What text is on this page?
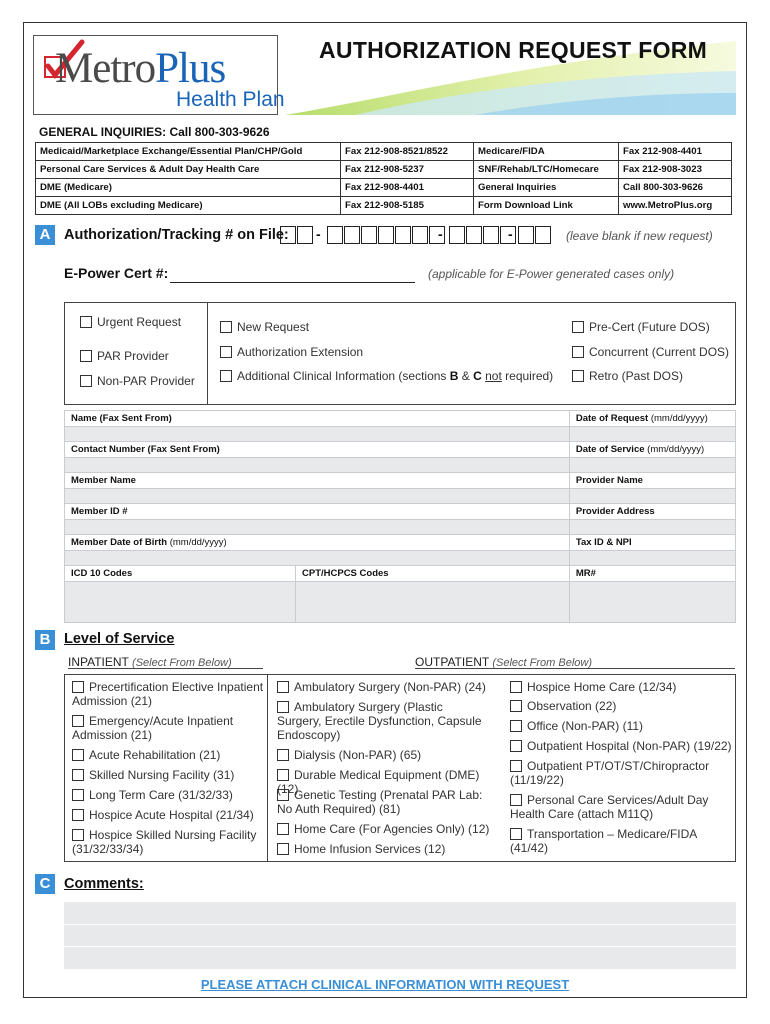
MetroPlus
Health Plan
AUTHORIZATION REQUEST FORM
GENERAL INQUIRIES: Call 800-303-9626
Medicaid/Marketplace Exchange/Essential Plan/CHP/Gold	Fax 212-908-8521/8522	Medicare/FIDA	Fax 212-908-4401
Personal Care Services & Adult Day Health Care	Fax 212-908-5237	SNF/Rehab/LTC/Homecare	Fax 212-908-3023
DME (Medicare)	Fax 212-908-4401	General Inquiries	Call 800-303-9626
DME (All LOBs excluding Medicare)	Fax 212-908-5185	Form Download Link	www.MetroPlus.org
A Authorization/Tracking # on File: -	-	-	(leave blank if new request)
E-Power Cert #:	(applicable for E-Power generated cases only)
Urgent Request
PAR Provider
Non-PAR Provider
New Request
Authorization Extension
Additional Clinical Information (sections B & C not required)
Pre-Cert (Future DOS)
Concurrent (Current DOS)
Retro (Past DOS)
Name (Fax Sent From)		Date of Request (mm/dd/yyyy)

Contact Number (Fax Sent From)		Date of Service (mm/dd/yyyy)

Member Name		Provider Name

Member ID #		Provider Address

Member Date of Birth (mm/dd/yyyy)		Tax ID & NPI

ICD 10 Codes	CPT/HCPCS Codes	MR#

B Level of Service
INPATIENT (Select From Below)	OUTPATIENT (Select From Below)
Precertification Elective Inpatient Admission (21)
Emergency/Acute Inpatient Admission (21)
Acute Rehabilitation (21)
Skilled Nursing Facility (31)
Long Term Care (31/32/33)
Hospice Acute Hospital (21/34)
Hospice Skilled Nursing Facility (31/32/33/34)
Ambulatory Surgery (Non-PAR) (24)
Ambulatory Surgery (Plastic Surgery, Erectile Dysfunction, Capsule Endoscopy)
Dialysis (Non-PAR) (65)
Durable Medical Equipment (DME) (12)
Genetic Testing (Prenatal PAR Lab: No Auth Required) (81)
Home Care (For Agencies Only) (12)
Home Infusion Services (12)
Hospice Home Care (12/34)
Observation (22)
Office (Non-PAR) (11)
Outpatient Hospital (Non-PAR) (19/22)
Outpatient PT/OT/ST/Chiropractor (11/19/22)
Personal Care Services/Adult Day Health Care (attach M11Q)
Transportation – Medicare/FIDA (41/42)
C Comments:
PLEASE ATTACH CLINICAL INFORMATION WITH REQUEST
